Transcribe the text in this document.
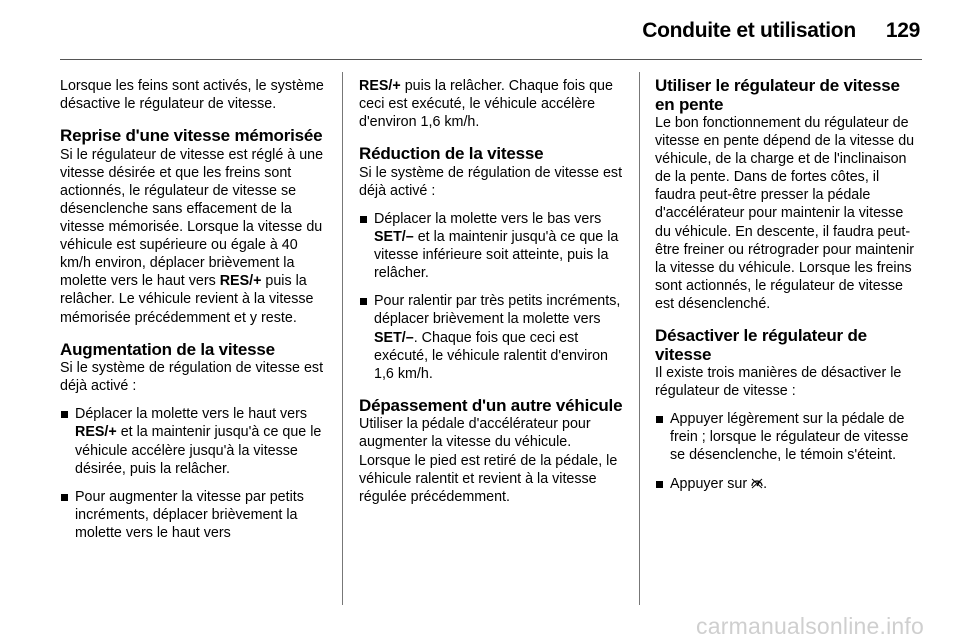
Conduite et utilisation 129

Lorsque les feins sont activés, le système désactive le régulateur de vitesse.

Reprise d'une vitesse mémorisée

Si le régulateur de vitesse est réglé à une vitesse désirée et que les freins sont actionnés, le régulateur de vitesse se désenclenche sans effacement de la vitesse mémorisée. Lorsque la vitesse du véhicule est supérieure ou égale à 40 km/h environ, déplacer brièvement la molette vers le haut vers RES/+ puis la relâcher. Le véhicule revient à la vitesse mémorisée précédemment et y reste.

Augmentation de la vitesse

Si le système de régulation de vitesse est déjà activé :

Déplacer la molette vers le haut vers RES/+ et la maintenir jusqu'à ce que le véhicule accélère jusqu'à la vitesse désirée, puis la relâcher.
Pour augmenter la vitesse par petits incréments, déplacer brièvement la molette vers le haut vers

RES/+ puis la relâcher. Chaque fois que ceci est exécuté, le véhicule accélère d'environ 1,6 km/h.

Réduction de la vitesse

Si le système de régulation de vitesse est déjà activé :

Déplacer la molette vers le bas vers SET/– et la maintenir jusqu'à ce que la vitesse inférieure soit atteinte, puis la relâcher.
Pour ralentir par très petits incréments, déplacer brièvement la molette vers SET/–. Chaque fois que ceci est exécuté, le véhicule ralentit d'environ 1,6 km/h.
Dépassement d'un autre véhicule

Utiliser la pédale d'accélérateur pour augmenter la vitesse du véhicule. Lorsque le pied est retiré de la pédale, le véhicule ralentit et revient à la vitesse régulée précédemment.

Utiliser le régulateur de vitesse en pente

Le bon fonctionnement du régulateur de vitesse en pente dépend de la vitesse du véhicule, de la charge et de l'inclinaison de la pente. Dans de fortes côtes, il faudra peut-être presser la pédale d'accélérateur pour maintenir la vitesse du véhicule. En descente, il faudra peut-être freiner ou rétrograder pour maintenir la vitesse du véhicule. Lorsque les freins sont actionnés, le régulateur de vitesse est désenclenché.

Désactiver le régulateur de vitesse

Il existe trois manières de désactiver le régulateur de vitesse :

Appuyer légèrement sur la pédale de frein ; lorsque le régulateur de vitesse se désenclenche, le témoin s'éteint.
Appuyer sur .
carmanualsonline.info
